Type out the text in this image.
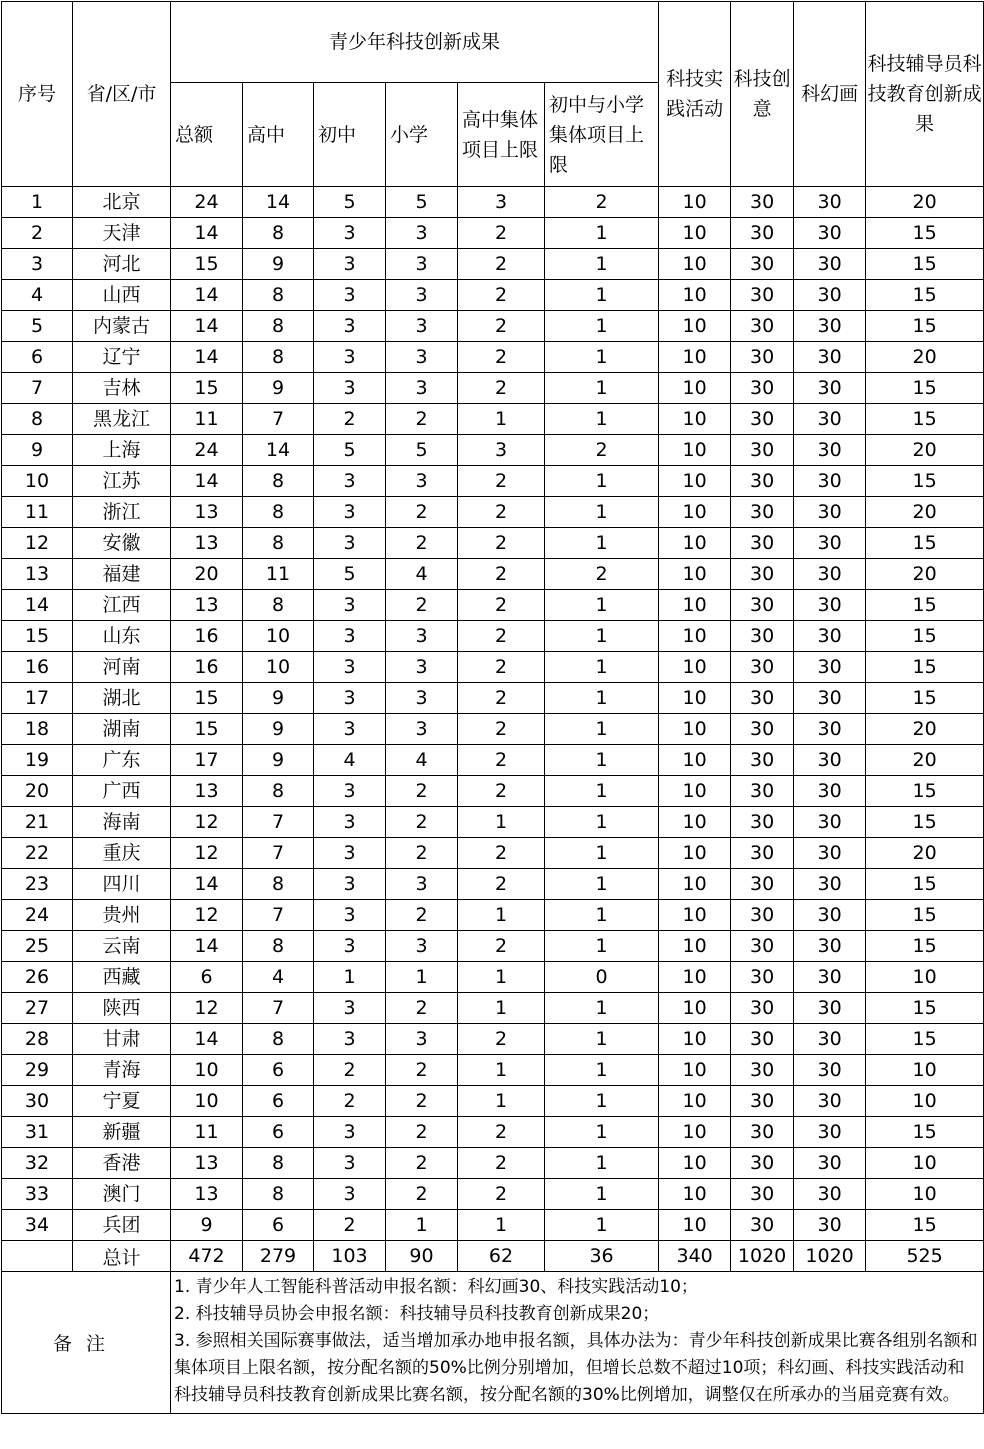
序号	省/区/市	青少年科技创新成果						科技实践活动	科技创意	科幻画	科技辅导员科技教育创新成果
		总额	高中	初中	小学	高中集体项目上限	初中与小学集体项目上限				
1	北京	24	14	5	5	3	2	10	30	30	20
2	天津	14	8	3	3	2	1	10	30	30	15
3	河北	15	9	3	3	2	1	10	30	30	15
4	山西	14	8	3	3	2	1	10	30	30	15
5	内蒙古	14	8	3	3	2	1	10	30	30	15
6	辽宁	14	8	3	3	2	1	10	30	30	20
7	吉林	15	9	3	3	2	1	10	30	30	15
8	黑龙江	11	7	2	2	1	1	10	30	30	15
9	上海	24	14	5	5	3	2	10	30	30	20
10	江苏	14	8	3	3	2	1	10	30	30	15
11	浙江	13	8	3	2	2	1	10	30	30	20
12	安徽	13	8	3	2	2	1	10	30	30	15
13	福建	20	11	5	4	2	2	10	30	30	20
14	江西	13	8	3	2	2	1	10	30	30	15
15	山东	16	10	3	3	2	1	10	30	30	15
16	河南	16	10	3	3	2	1	10	30	30	15
17	湖北	15	9	3	3	2	1	10	30	30	15
18	湖南	15	9	3	3	2	1	10	30	30	20
19	广东	17	9	4	4	2	1	10	30	30	20
20	广西	13	8	3	2	2	1	10	30	30	15
21	海南	12	7	3	2	1	1	10	30	30	15
22	重庆	12	7	3	2	2	1	10	30	30	20
23	四川	14	8	3	3	2	1	10	30	30	15
24	贵州	12	7	3	2	1	1	10	30	30	15
25	云南	14	8	3	3	2	1	10	30	30	15
26	西藏	6	4	1	1	1	0	10	30	30	10
27	陕西	12	7	3	2	1	1	10	30	30	15
28	甘肃	14	8	3	3	2	1	10	30	30	15
29	青海	10	6	2	2	1	1	10	30	30	10
30	宁夏	10	6	2	2	1	1	10	30	30	10
31	新疆	11	6	3	2	2	1	10	30	30	15
32	香港	13	8	3	2	2	1	10	30	30	10
33	澳门	13	8	3	2	2	1	10	30	30	10
34	兵团	9	6	2	1	1	1	10	30	30	15
	总计	472	279	103	90	62	36	340	1020	1020	525
备注		1. 青少年人工智能科普活动申报名额：科幻画30、科技实践活动10；
2. 科技辅导员协会申报名额：科技辅导员科技教育创新成果20；
3. 参照相关国际赛事做法，适当增加承办地申报名额，具体办法为：青少年科技创新成果比赛各组别名额和集体项目上限名额，按分配名额的50%比例分别增加，但增长总数不超过10项；科幻画、科技实践活动和科技辅导员科技教育创新成果比赛名额，按分配名额的30%比例增加，调整仅在所承办的当届竞赛有效。									
